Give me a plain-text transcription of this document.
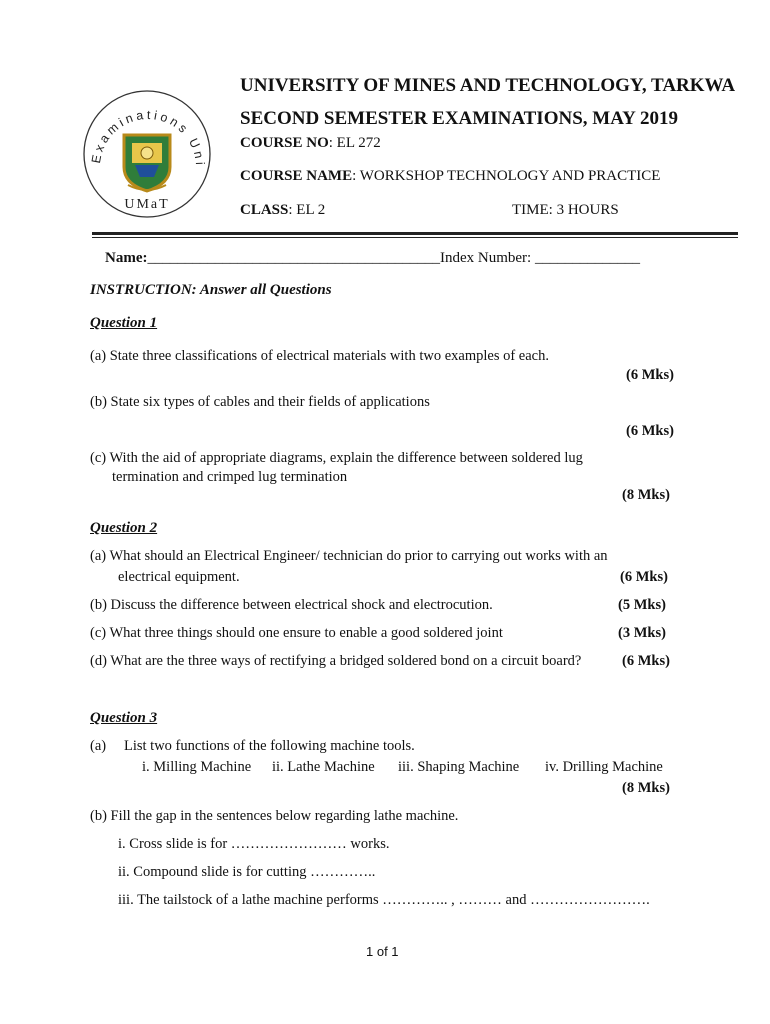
Examinations Uni
UMaT
UNIVERSITY OF MINES AND TECHNOLOGY, TARKWA
SECOND SEMESTER EXAMINATIONS, MAY 2019
COURSE NO: EL 272
COURSE NAME: WORKSHOP TECHNOLOGY AND PRACTICE
CLASS: EL 2	TIME: 3 HOURS
Name:_______________________________________Index Number: ______________
INSTRUCTION: Answer all Questions
Question 1
(a) State three classifications of electrical materials with two examples of each.
(6 Mks)
(b) State six types of cables and their fields of applications
(6 Mks)
(c) With the aid of appropriate diagrams, explain the difference between soldered lug
termination and crimped lug termination
(8 Mks)
Question 2
(a) What should an Electrical Engineer/ technician do prior to carrying out works with an
electrical equipment.	(6 Mks)
(b) Discuss the difference between electrical shock and electrocution.	(5 Mks)
(c) What three things should one ensure to enable a good soldered joint	(3 Mks)
(d) What are the three ways of rectifying a bridged soldered bond on a circuit board?	(6 Mks)
Question 3
(a) List two functions of the following machine tools.
i. Milling Machine ii. Lathe Machine iii. Shaping Machine iv. Drilling Machine
(8 Mks)
(b) Fill the gap in the sentences below regarding lathe machine.
i. Cross slide is for …………………… works.
ii. Compound slide is for cutting …………..
iii. The tailstock of a lathe machine performs ………….. , ……… and …………………….
1 of 1
